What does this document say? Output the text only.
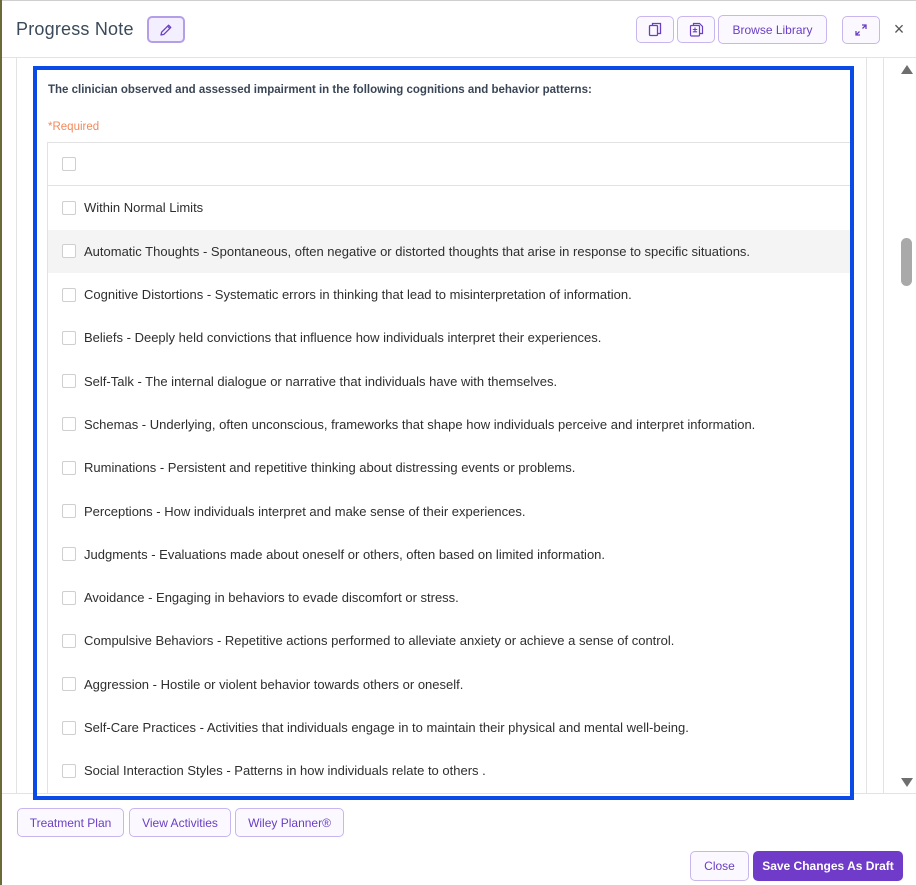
Progress Note	Browse Library	×
The clinician observed and assessed impairment in the following cognitions and behavior patterns:
*Required
Within Normal Limits
Automatic Thoughts - Spontaneous, often negative or distorted thoughts that arise in response to specific situations.
Cognitive Distortions - Systematic errors in thinking that lead to misinterpretation of information.
Beliefs - Deeply held convictions that influence how individuals interpret their experiences.
Self-Talk - The internal dialogue or narrative that individuals have with themselves.
Schemas - Underlying, often unconscious, frameworks that shape how individuals perceive and interpret information.
Ruminations - Persistent and repetitive thinking about distressing events or problems.
Perceptions - How individuals interpret and make sense of their experiences.
Judgments - Evaluations made about oneself or others, often based on limited information.
Avoidance - Engaging in behaviors to evade discomfort or stress.
Compulsive Behaviors - Repetitive actions performed to alleviate anxiety or achieve a sense of control.
Aggression - Hostile or violent behavior towards others or oneself.
Self-Care Practices - Activities that individuals engage in to maintain their physical and mental well-being.
Social Interaction Styles - Patterns in how individuals relate to others .
Treatment Plan	View Activities	Wiley Planner®
Close	Save Changes As Draft
